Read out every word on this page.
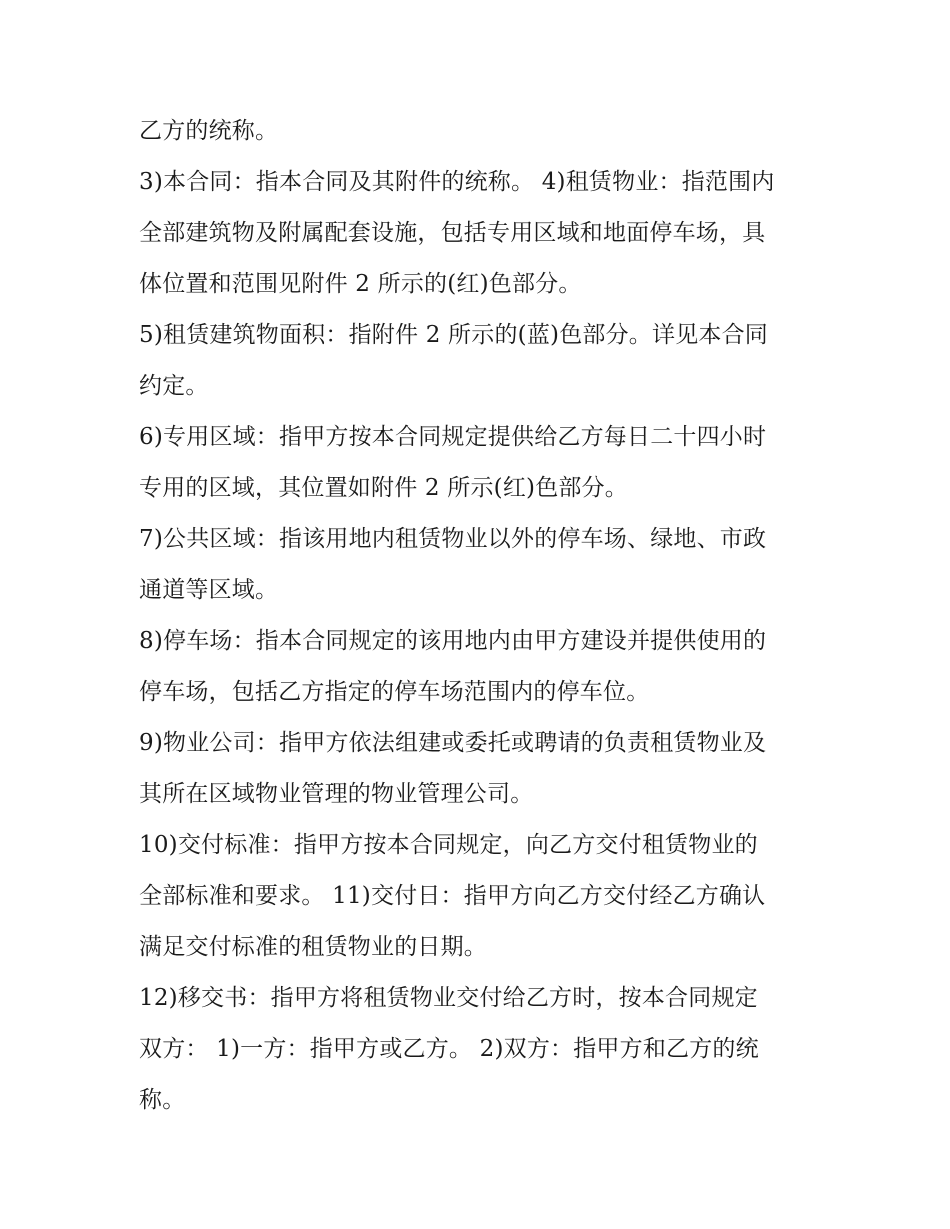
乙方的统称。
3)本合同：指本合同及其附件的统称。 4)租赁物业：指范围内
全部建筑物及附属配套设施，包括专用区域和地面停车场，具
体位置和范围见附件 2 所示的(红)色部分。
5)租赁建筑物面积：指附件 2 所示的(蓝)色部分。详见本合同
约定。
6)专用区域：指甲方按本合同规定提供给乙方每日二十四小时
专用的区域，其位置如附件 2 所示(红)色部分。
7)公共区域：指该用地内租赁物业以外的停车场、绿地、市政
通道等区域。
8)停车场：指本合同规定的该用地内由甲方建设并提供使用的
停车场，包括乙方指定的停车场范围内的停车位。
9)物业公司：指甲方依法组建或委托或聘请的负责租赁物业及
其所在区域物业管理的物业管理公司。
10)交付标准：指甲方按本合同规定，向乙方交付租赁物业的
全部标准和要求。 11)交付日：指甲方向乙方交付经乙方确认
满足交付标准的租赁物业的日期。
12)移交书：指甲方将租赁物业交付给乙方时，按本合同规定
双方： 1)一方：指甲方或乙方。 2)双方：指甲方和乙方的统
称。
